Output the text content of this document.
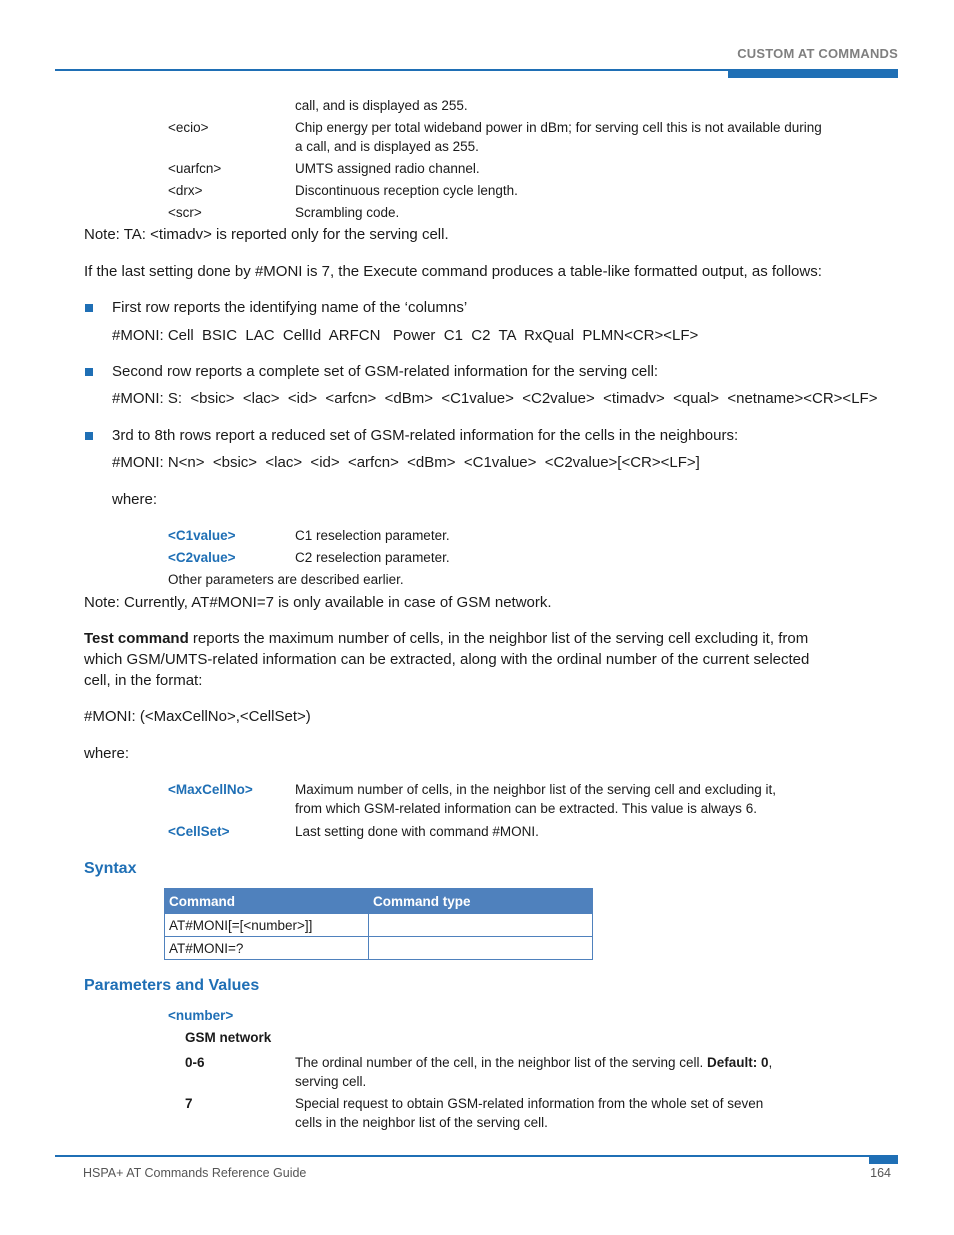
CUSTOM AT COMMANDS
call, and is displayed as 255.
<ecio>	Chip energy per total wideband power in dBm; for serving cell this is not available during a call, and is displayed as 255.
<uarfcn>	UMTS assigned radio channel.
<drx>	Discontinuous reception cycle length.
<scr>	Scrambling code.
Note: TA: <timadv> is reported only for the serving cell.
If the last setting done by #MONI is 7, the Execute command produces a table-like formatted output, as follows:
First row reports the identifying name of the ‘columns’
#MONI: Cell  BSIC  LAC  CellId  ARFCN   Power  C1  C2  TA  RxQual  PLMN<CR><LF>
Second row reports a complete set of GSM-related information for the serving cell:
#MONI: S:  <bsic>  <lac>  <id>  <arfcn>  <dBm>  <C1value>  <C2value>  <timadv>  <qual>  <netname><CR><LF>
3rd to 8th rows report a reduced set of GSM-related information for the cells in the neighbours:
#MONI: N<n>  <bsic>  <lac>  <id>  <arfcn>  <dBm>  <C1value>  <C2value>[<CR><LF>]
where:
<C1value>	C1 reselection parameter.
<C2value>	C2 reselection parameter.
Other parameters are described earlier.
Note: Currently, AT#MONI=7 is only available in case of GSM network.
Test command reports the maximum number of cells, in the neighbor list of the serving cell excluding it, from
which GSM/UMTS-related information can be extracted, along with the ordinal number of the current selected
cell, in the format:
#MONI: (<MaxCellNo>,<CellSet>)
where:
<MaxCellNo>	Maximum number of cells, in the neighbor list of the serving cell and excluding it,
from which GSM-related information can be extracted. This value is always 6.
<CellSet>	Last setting done with command #MONI.
Syntax
Command	Command type
AT#MONI[=[<number>]]	
AT#MONI=?	
Parameters and Values
<number>
GSM network
0-6	The ordinal number of the cell, in the neighbor list of the serving cell. Default: 0,
serving cell.
7	Special request to obtain GSM-related information from the whole set of seven
cells in the neighbor list of the serving cell.
HSPA+ AT Commands Reference Guide	164
